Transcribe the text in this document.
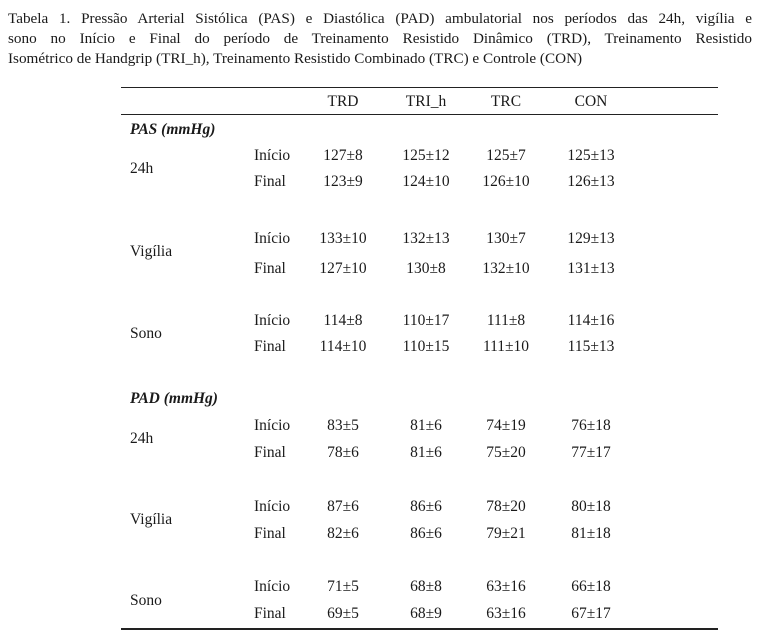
Tabela 1. Pressão Arterial Sistólica (PAS) e Diastólica (PAD) ambulatorial nos períodos das 24h, vigília e
sono no Início e Final do período de Treinamento Resistido Dinâmico (TRD), Treinamento Resistido
Isométrico de Handgrip (TRI_h), Treinamento Resistido Combinado (TRC) e Controle (CON)
TRD	TRI_h	TRC	CON
PAS (mmHg)
24h
Início 127±8	125±12 125±7	125±13
Final 123±9	124±10 126±10 126±13
Vigília
Início 133±10 132±13 130±7	129±13
Final 127±10	130±8 132±10 131±13
Sono
Início 114±8	110±17 111±8	114±16
Final 114±10 110±15 111±10 115±13
PAD (mmHg)
24h
Início 83±5	81±6	74±19	76±18
Final	78±6	81±6	75±20	77±17
Vigília
Início 87±6	86±6	78±20	80±18
Final	82±6	86±6	79±21	81±18
Sono
Início 71±5	68±8	63±16	66±18
Final	69±5	68±9	63±16	67±17
